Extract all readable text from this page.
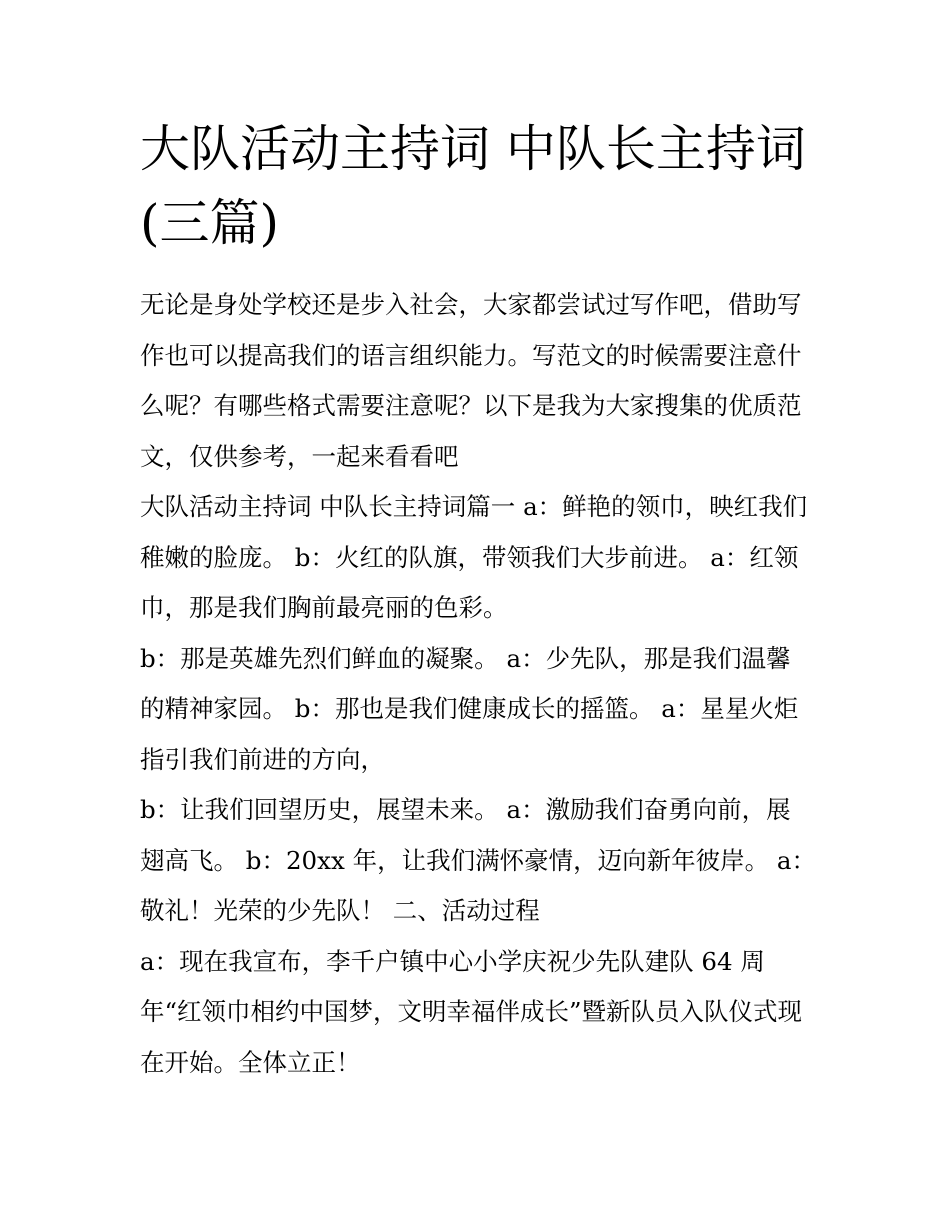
大队活动主持词 中队长主持词
(三篇)
无论是身处学校还是步入社会，大家都尝试过写作吧，借助写
作也可以提高我们的语言组织能力。写范文的时候需要注意什
么呢？有哪些格式需要注意呢？以下是我为大家搜集的优质范
文，仅供参考，一起来看看吧
大队活动主持词 中队长主持词篇一 a：鲜艳的领巾，映红我们
稚嫩的脸庞。 b：火红的队旗，带领我们大步前进。 a：红领
巾，那是我们胸前最亮丽的色彩。
b：那是英雄先烈们鲜血的凝聚。 a：少先队，那是我们温馨
的精神家园。 b：那也是我们健康成长的摇篮。 a：星星火炬
指引我们前进的方向，
b：让我们回望历史，展望未来。 a：激励我们奋勇向前，展
翅高飞。 b：20xx 年，让我们满怀豪情，迈向新年彼岸。 a：
敬礼！光荣的少先队！ 二、活动过程
a：现在我宣布，李千户镇中心小学庆祝少先队建队 64 周
年“红领巾相约中国梦，文明幸福伴成长”暨新队员入队仪式现
在开始。全体立正！
